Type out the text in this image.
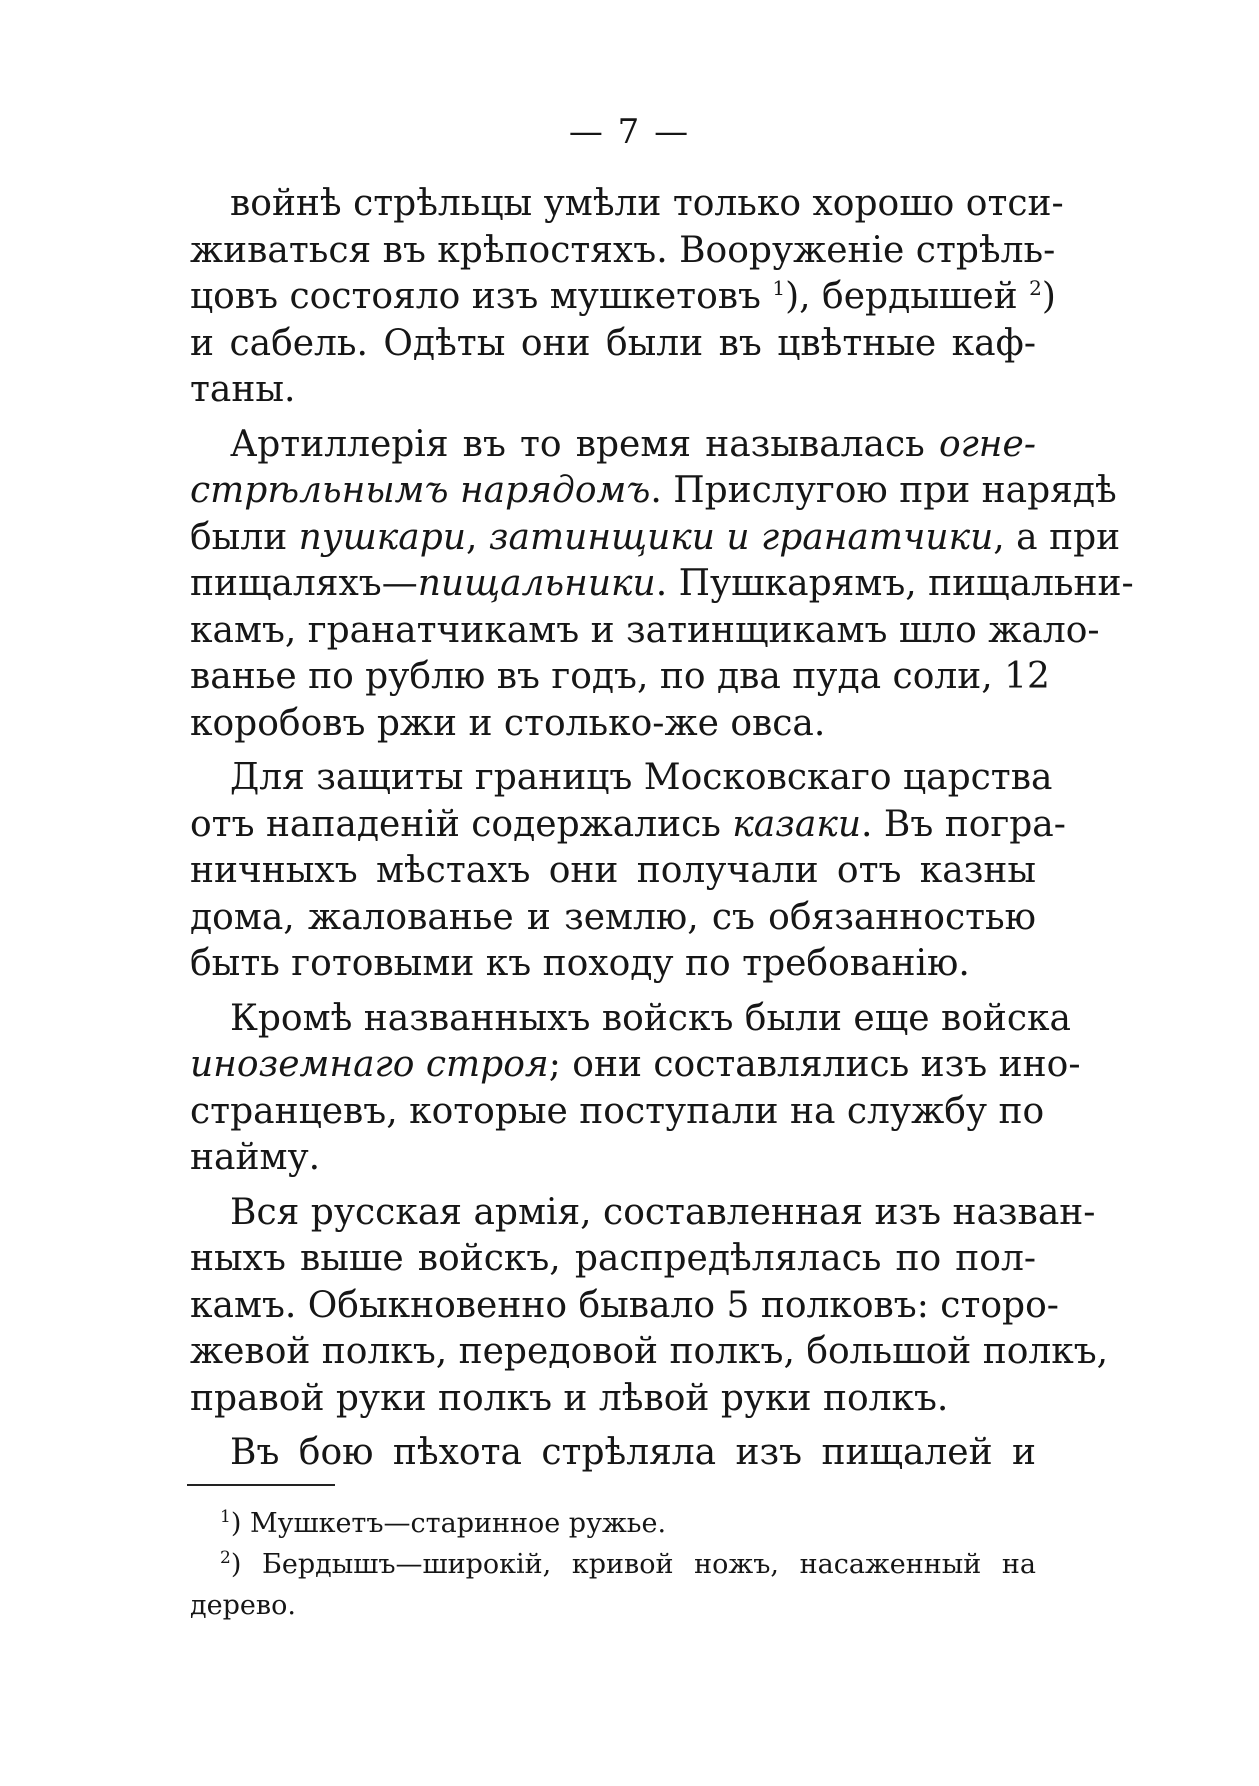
— 7 —
войнѣ стрѣльцы умѣли только хорошо отси-
живаться въ крѣпостяхъ. Вооруженіе стрѣль-
цовъ состояло изъ мушкетовъ $^1$), бердышей $^2$)
и сабель. Одѣты они были въ цвѣтные каф-
таны.
Артиллерія въ то время называлась огне-
стрѣльнымъ нарядомъ. Прислугою при нарядѣ
были пушкари, затинщики и гранатчики, а при
пищаляхъ—пищальники. Пушкарямъ, пищальни-
камъ, гранатчикамъ и затинщикамъ шло жало-
ванье по рублю въ годъ, по два пуда соли, 12
коробовъ ржи и столько-же овса.
Для защиты границъ Московскаго царства
отъ нападеній содержались казаки. Въ погра-
ничныхъ мѣстахъ они получали отъ казны
дома, жалованье и землю, съ обязанностью
быть готовыми къ походу по требованію.
Кромѣ названныхъ войскъ были еще войска
иноземнаго строя; они составлялись изъ ино-
странцевъ, которые поступали на службу по
найму.
Вся русская армія, составленная изъ назван-
ныхъ выше войскъ, распредѣлялась по пол-
камъ. Обыкновенно бывало 5 полковъ: сторо-
жевой полкъ, передовой полкъ, большой полкъ,
правой руки полкъ и лѣвой руки полкъ.
Въ бою пѣхота стрѣляла изъ пищалей и
$^1$) Мушкетъ—старинное ружье.
$^2$) Бердышъ—широкій, кривой ножъ, насаженный на
дерево.
